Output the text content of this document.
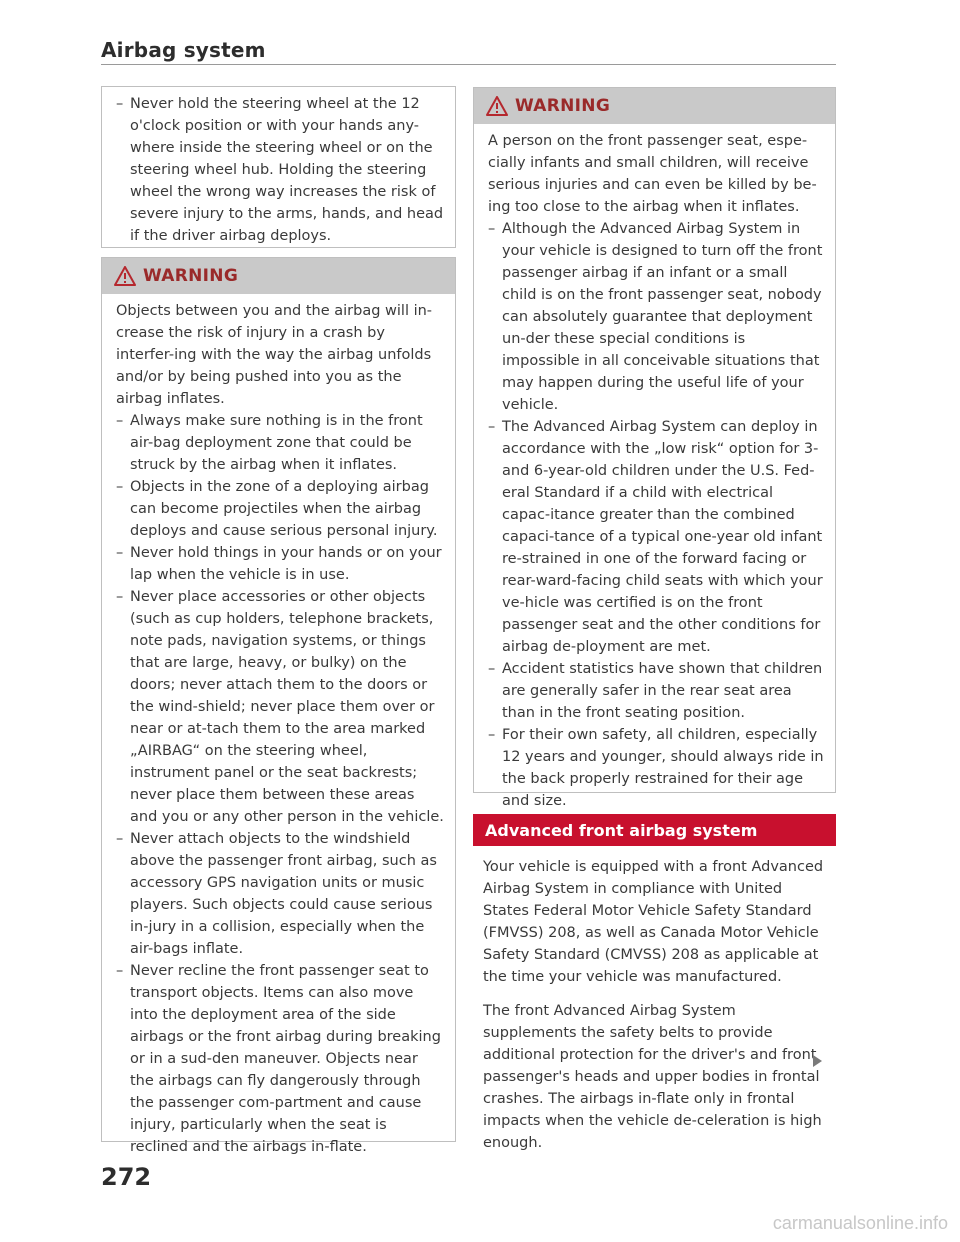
Airbag system
– Never hold the steering wheel at the 12 o'clock position or with your hands any-where inside the steering wheel or on the steering wheel hub. Holding the steering wheel the wrong way increases the risk of severe injury to the arms, hands, and head if the driver airbag deploys.
WARNING

Objects between you and the airbag will in-crease the risk of injury in a crash by interfer-ing with the way the airbag unfolds and/or by being pushed into you as the airbag inflates.

– Always make sure nothing is in the front air-bag deployment zone that could be struck by the airbag when it inflates.
– Objects in the zone of a deploying airbag can become projectiles when the airbag deploys and cause serious personal injury.
– Never hold things in your hands or on your lap when the vehicle is in use.
– Never place accessories or other objects (such as cup holders, telephone brackets, note pads, navigation systems, or things that are large, heavy, or bulky) on the doors; never attach them to the doors or the wind-shield; never place them over or near or at-tach them to the area marked „AIRBAG“ on the steering wheel, instrument panel or the seat backrests; never place them between these areas and you or any other person in the vehicle.
– Never attach objects to the windshield above the passenger front airbag, such as accessory GPS navigation units or music players. Such objects could cause serious in-jury in a collision, especially when the air-bags inflate.
– Never recline the front passenger seat to transport objects. Items can also move into the deployment area of the side airbags or the front airbag during breaking or in a sud-den maneuver. Objects near the airbags can fly dangerously through the passenger com-partment and cause injury, particularly when the seat is reclined and the airbags in-flate.
WARNING

A person on the front passenger seat, espe-cially infants and small children, will receive serious injuries and can even be killed by be-ing too close to the airbag when it inflates.

– Although the Advanced Airbag System in your vehicle is designed to turn off the front passenger airbag if an infant or a small child is on the front passenger seat, nobody can absolutely guarantee that deployment un-der these special conditions is impossible in all conceivable situations that may happen during the useful life of your vehicle.
– The Advanced Airbag System can deploy in accordance with the „low risk“ option for 3- and 6-year-old children under the U.S. Fed-eral Standard if a child with electrical capac-itance greater than the combined capaci-tance of a typical one-year old infant re-strained in one of the forward facing or rear-ward-facing child seats with which your ve-hicle was certified is on the front passenger seat and the other conditions for airbag de-ployment are met.
– Accident statistics have shown that children are generally safer in the rear seat area than in the front seating position.
– For their own safety, all children, especially 12 years and younger, should always ride in the back properly restrained for their age and size.
Advanced front airbag system

Your vehicle is equipped with a front Advanced Airbag System in compliance with United States Federal Motor Vehicle Safety Standard (FMVSS) 208, as well as Canada Motor Vehicle Safety Standard (CMVSS) 208 as applicable at the time your vehicle was manufactured.

The front Advanced Airbag System supplements the safety belts to provide additional protection for the driver's and front passenger's heads and upper bodies in frontal crashes. The airbags in-flate only in frontal impacts when the vehicle de-celeration is high enough.

272
carmanualsonline.info
